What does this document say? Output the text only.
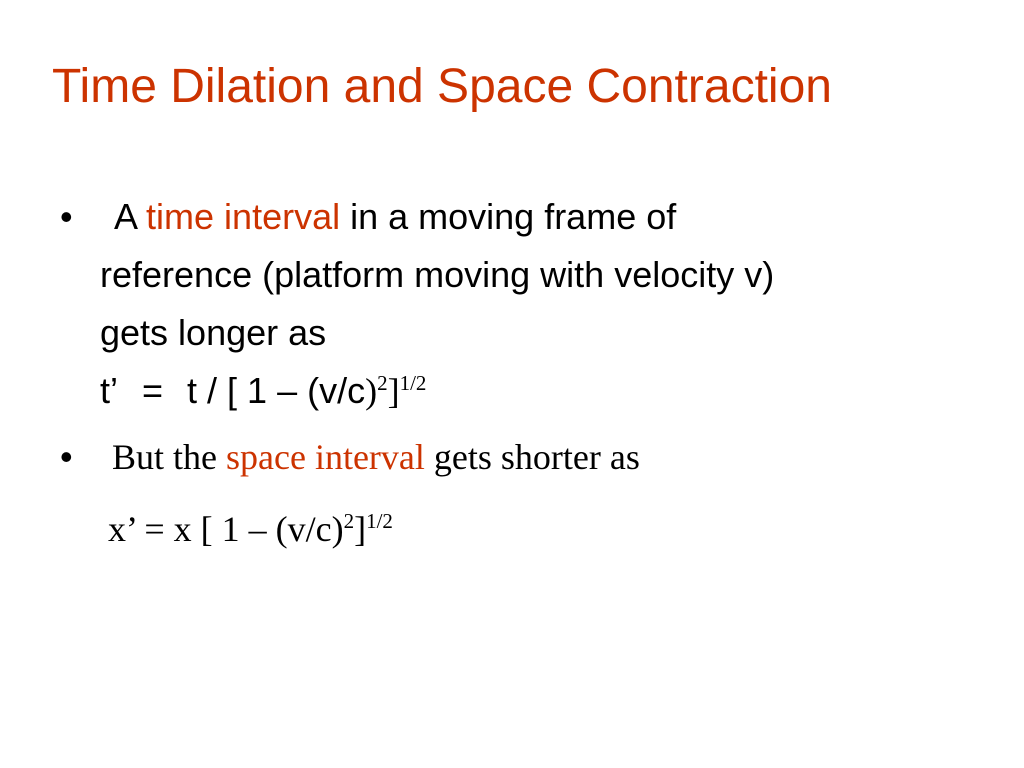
Time Dilation and Space Contraction
• A time interval in a moving frame of
reference (platform moving with velocity v)
gets longer as
t’ = t / [ $1 - (v/c)^2]^{1/2}$
• But the space interval gets shorter as
x’ = x [ $1 - (v/c)^2]^{1/2}$
